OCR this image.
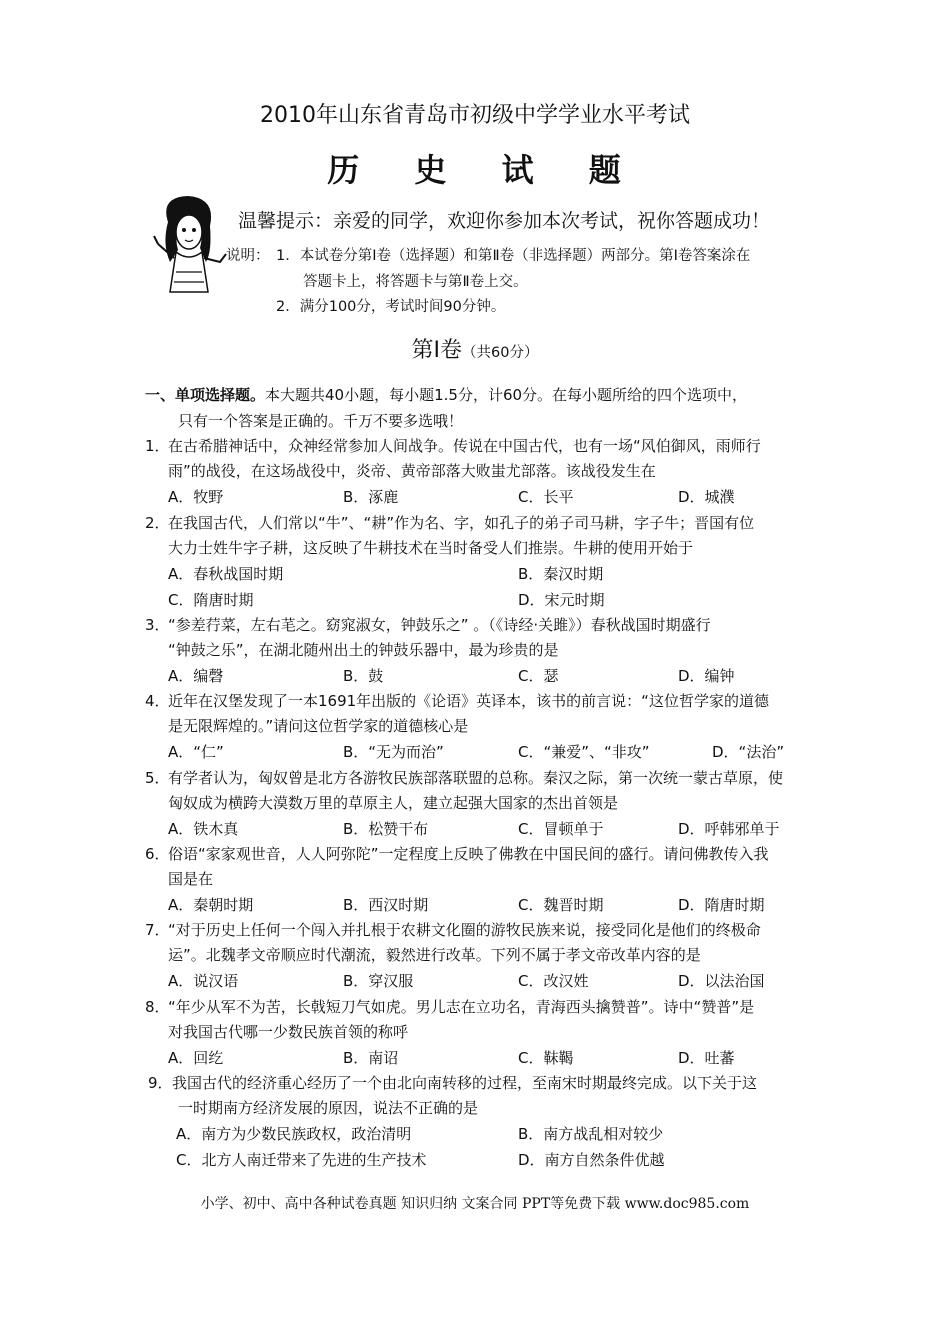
2010年山东省青岛市初级中学学业水平考试
历 史 试 题
温馨提示：亲爱的同学，欢迎你参加本次考试，祝你答题成功！
说明： 1．本试卷分第Ⅰ卷（选择题）和第Ⅱ卷（非选择题）两部分。第Ⅰ卷答案涂在
答题卡上，将答题卡与第Ⅱ卷上交。
2．满分100分，考试时间90分钟。
第Ⅰ卷（共60分）
一、单项选择题。本大题共40小题，每小题1.5分，计60分。在每小题所给的四个选项中，
只有一个答案是正确的。千万不要多选哦！
1．
在古希腊神话中，众神经常参加人间战争。传说在中国古代，也有一场“风伯御风，雨师行
雨”的战役，在这场战役中，炎帝、黄帝部落大败蚩尤部落。该战役发生在
A．牧野	B．涿鹿	C．长平	D．城濮
2．
在我国古代，人们常以“牛”、“耕”作为名、字，如孔子的弟子司马耕，字子牛；晋国有位
大力士姓牛字子耕，这反映了牛耕技术在当时备受人们推崇。牛耕的使用开始于
A．春秋战国时期	B．秦汉时期
C．隋唐时期	D．宋元时期
3．
“参差荇菜，左右芼之。窈窕淑女，钟鼓乐之” 。（《诗经·关雎》）春秋战国时期盛行
“钟鼓之乐”，在湖北随州出土的钟鼓乐器中，最为珍贵的是
A．编磬	B．鼓	C．瑟	D．编钟
4．
近年在汉堡发现了一本1691年出版的《论语》英译本，该书的前言说：“这位哲学家的道德
是无限辉煌的。”请问这位哲学家的道德核心是
A．“仁”	B．“无为而治”	C．“兼爱”、“非攻”	D．“法治”
5．
有学者认为，匈奴曾是北方各游牧民族部落联盟的总称。秦汉之际，第一次统一蒙古草原，使
匈奴成为横跨大漠数万里的草原主人，建立起强大国家的杰出首领是
A．铁木真	B．松赞干布	C．冒顿单于	D．呼韩邪单于
6．
俗语“家家观世音，人人阿弥陀”一定程度上反映了佛教在中国民间的盛行。请问佛教传入我
国是在
A．秦朝时期	B．西汉时期	C．魏晋时期	D．隋唐时期
7．
“对于历史上任何一个闯入并扎根于农耕文化圈的游牧民族来说，接受同化是他们的终极命
运”。北魏孝文帝顺应时代潮流，毅然进行改革。下列不属于孝文帝改革内容的是
A．说汉语	B．穿汉服	C．改汉姓	D．以法治国
8．
“年少从军不为苦，长戟短刀气如虎。男儿志在立功名，青海西头擒赞普”。诗中“赞普”是
对我国古代哪一少数民族首领的称呼
A．回纥	B．南诏	C．靺鞨	D．吐蕃
9． 我国古代的经济重心经历了一个由北向南转移的过程，至南宋时期最终完成。以下关于这
一时期南方经济发展的原因，说法不正确的是
A．南方为少数民族政权，政治清明	B．南方战乱相对较少
C．北方人南迁带来了先进的生产技术	D．南方自然条件优越
小学、初中、高中各种试卷真题 知识归纳 文案合同 PPT等免费下载 www.doc985.com
